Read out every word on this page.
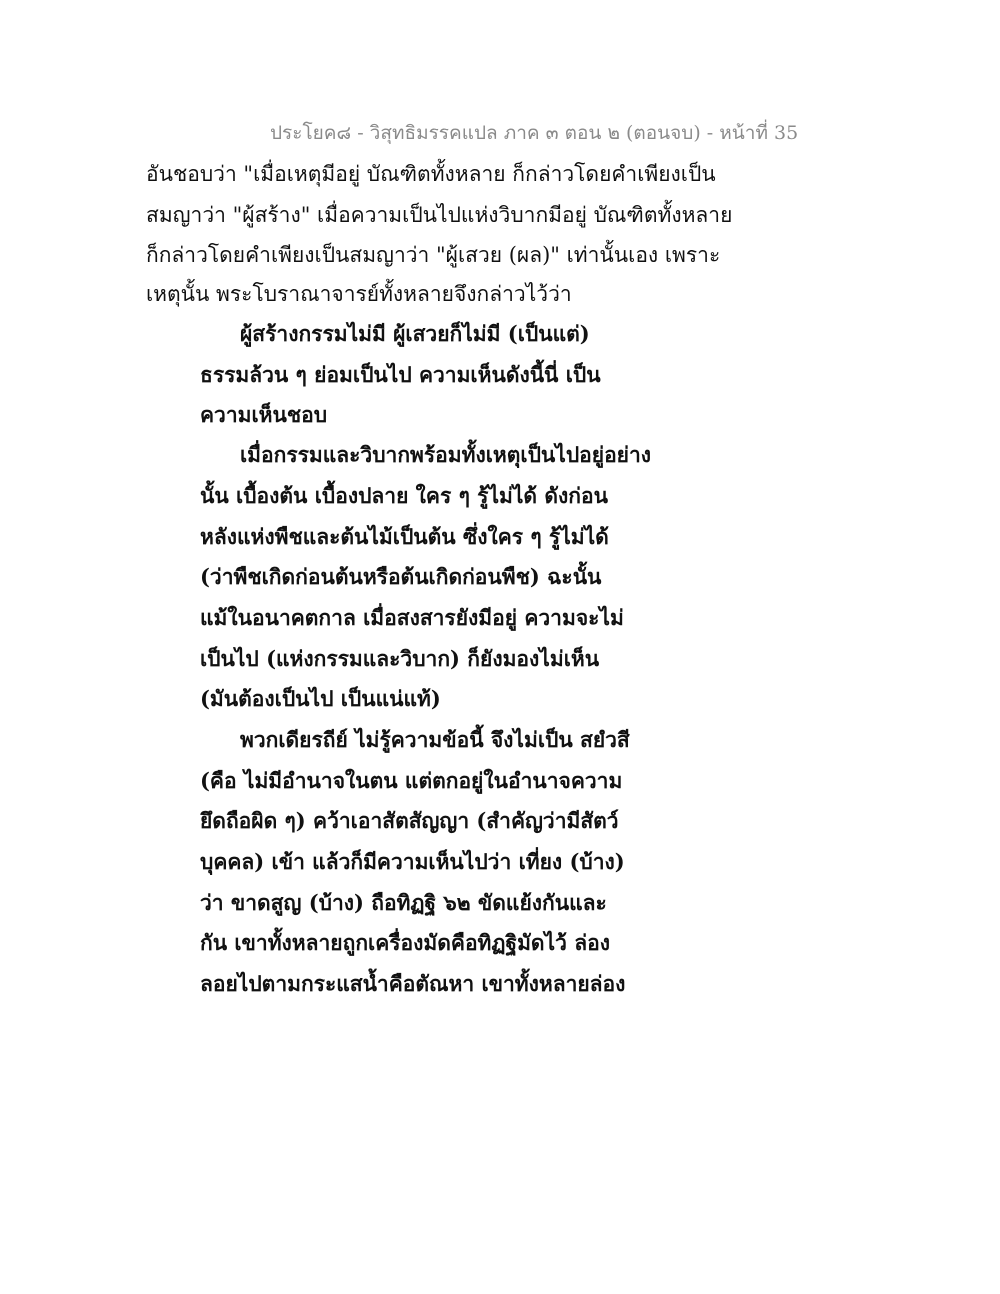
ประโยค๘ - วิสุทธิมรรคแปล ภาค ๓ ตอน ๒ (ตอนจบ) - หน้าที่ 35
อันชอบว่า "เมื่อเหตุมีอยู่ บัณฑิตทั้งหลาย ก็กล่าวโดยคำเพียงเป็น
สมญาว่า "ผู้สร้าง" เมื่อความเป็นไปแห่งวิบากมีอยู่ บัณฑิตทั้งหลาย
ก็กล่าวโดยคำเพียงเป็นสมญาว่า "ผู้เสวย (ผล)" เท่านั้นเอง เพราะ
เหตุนั้น พระโบราณาจารย์ทั้งหลายจึงกล่าวไว้ว่า
ผู้สร้างกรรมไม่มี ผู้เสวยก็ไม่มี (เป็นแต่)
ธรรมล้วน ๆ ย่อมเป็นไป ความเห็นดังนี้นี่ เป็น
ความเห็นชอบ
เมื่อกรรมและวิบากพร้อมทั้งเหตุเป็นไปอยู่อย่าง
นั้น เบื้องต้น เบื้องปลาย ใคร ๆ รู้ไม่ได้ ดังก่อน
หลังแห่งพืชและต้นไม้เป็นต้น ซึ่งใคร ๆ รู้ไม่ได้
(ว่าพืชเกิดก่อนต้นหรือต้นเกิดก่อนพืช) ฉะนั้น
แม้ในอนาคตกาล เมื่อสงสารยังมีอยู่ ความจะไม่
เป็นไป (แห่งกรรมและวิบาก) ก็ยังมองไม่เห็น
(มันต้องเป็นไป เป็นแน่แท้)
พวกเดียรถีย์ ไม่รู้ความข้อนี้ จึงไม่เป็น สยํวสี
(คือ ไม่มีอำนาจในตน แต่ตกอยู่ในอำนาจความ
ยึดถือผิด ๆ) คว้าเอาสัตสัญญา (สำคัญว่ามีสัตว์
บุคคล) เข้า แล้วก็มีความเห็นไปว่า เที่ยง (บ้าง)
ว่า ขาดสูญ (บ้าง) ถือทิฏฐิ ๖๒ ขัดแย้งกันและ
กัน เขาทั้งหลายถูกเครื่องมัดคือทิฏฐิมัดไว้ ล่อง
ลอยไปตามกระแสน้ำคือตัณหา เขาทั้งหลายล่อง
